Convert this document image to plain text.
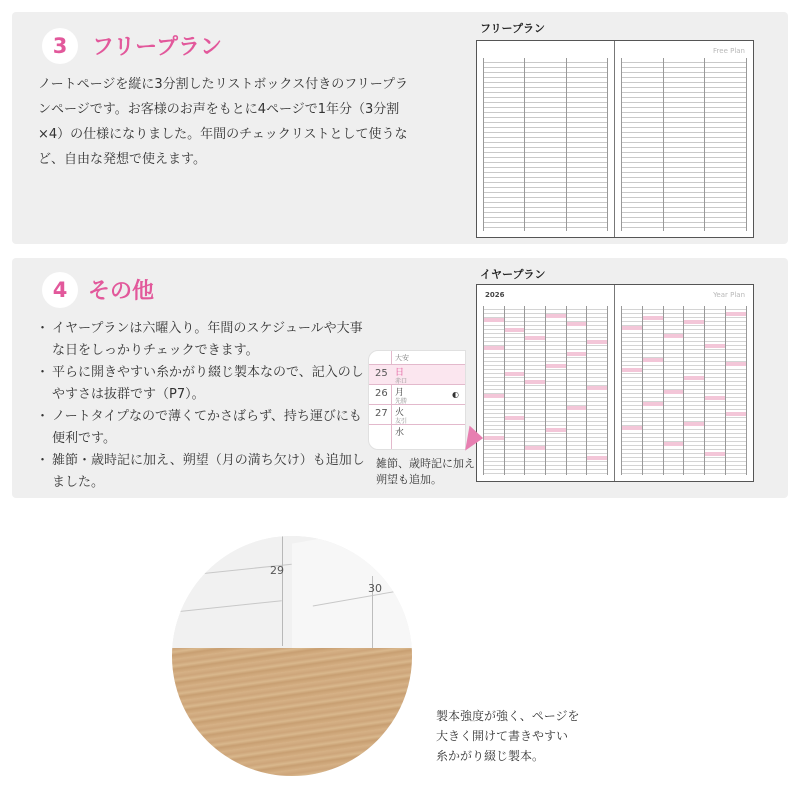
3	フリープラン
ノートページを縦に3分割したリストボックス付きのフリープラ
ンページです。お客様のお声をもとに4ページで1年分（3分割
×4）の仕様になりました。年間のチェックリストとして使うな
ど、自由な発想で使えます。
フリープラン
Free Plan
4 その他
・ イヤープランは六曜入り。年間のスケジュールや大事
な日をしっかりチェックできます。
・ 平らに開きやすい糸かがり綴じ製本なので、記入のし
やすさは抜群です（P7）。
・ ノートタイプなので薄くてかさばらず、持ち運びにも
便利です。
・ 雑節・歳時記に加え、朔望（月の満ち欠け）も追加し
ました。
イヤープラン
2026	Year Plan
大安
25 日
赤口
26 月
先勝
◐
27 火
友引
水
雑節、歳時記に加え
朔望も追加。
29
30
製本強度が強く、ページを
大きく開けて書きやすい
糸かがり綴じ製本。
